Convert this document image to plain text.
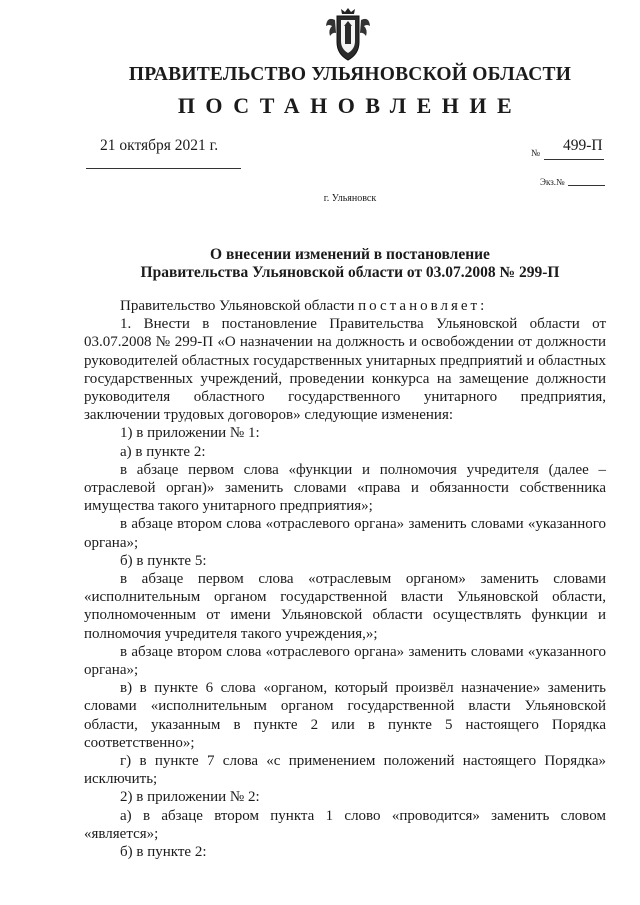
ПРАВИТЕЛЬСТВО УЛЬЯНОВСКОЙ ОБЛАСТИ
ПОСТАНОВЛЕНИЕ
21 октября 2021 г.	№ 499-П
Экз.№
г. Ульяновск
О внесении изменений в постановление
Правительства Ульяновской области от 03.07.2008 № 299-П

Правительство Ульяновской области постановляет:

1. Внести в постановление Правительства Ульяновской области от 03.07.2008 № 299-П «О назначении на должность и освобождении от должности руководителей областных государственных унитарных предприятий и областных государственных учреждений, проведении конкурса на замещение должности руководителя областного государственного унитарного предприятия, заключении трудовых договоров» следующие изменения:

1) в приложении № 1:

а) в пункте 2:

в абзаце первом слова «функции и полномочия учредителя (далее – отраслевой орган)» заменить словами «права и обязанности собственника имущества такого унитарного предприятия»;

в абзаце втором слова «отраслевого органа» заменить словами «указанного органа»;

б) в пункте 5:

в абзаце первом слова «отраслевым органом» заменить словами «исполнительным органом государственной власти Ульяновской области, уполномоченным от имени Ульяновской области осуществлять функции и полномочия учредителя такого учреждения,»;

в абзаце втором слова «отраслевого органа» заменить словами «указанного органа»;

в) в пункте 6 слова «органом, который произвёл назначение» заменить словами «исполнительным органом государственной власти Ульяновской области, указанным в пункте 2 или в пункте 5 настоящего Порядка соответственно»;

г) в пункте 7 слова «с применением положений настоящего Порядка» исключить;

2) в приложении № 2:

а) в абзаце втором пункта 1 слово «проводится» заменить словом «является»;

б) в пункте 2:
